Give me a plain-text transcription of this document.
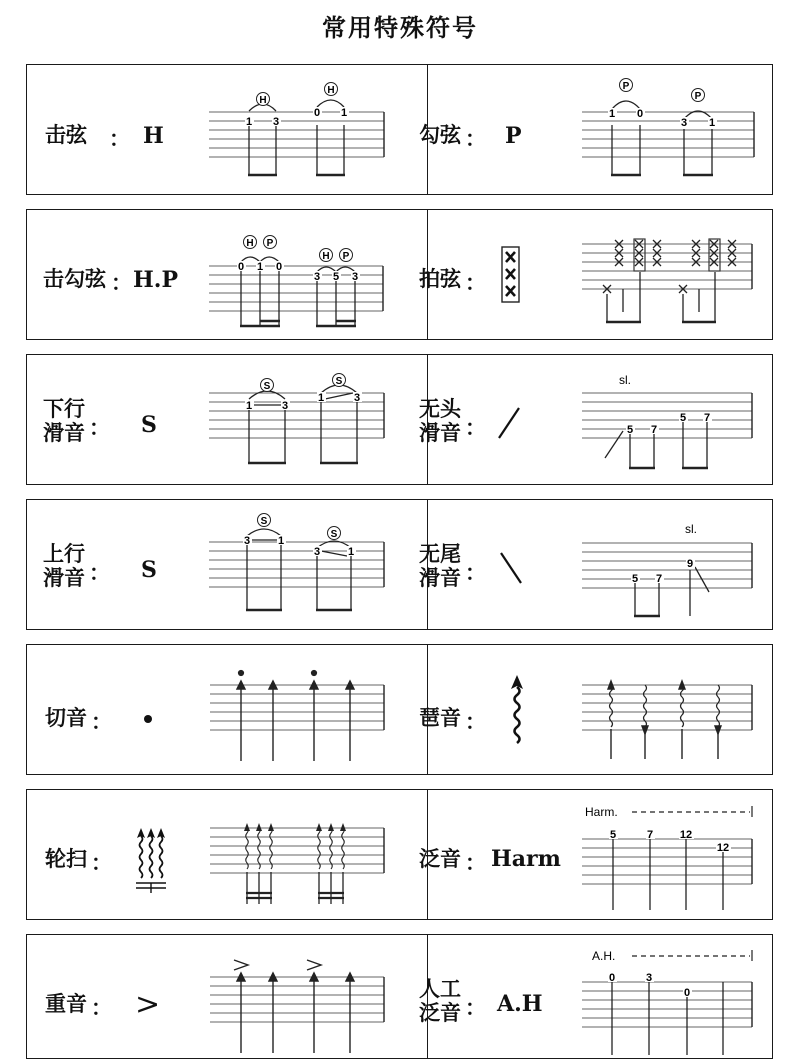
常用特殊符号
击弦 ： H
1 3
0 1
H
H
勾弦 ： P
1 0
3 1
P
P
击勾弦 ： H.P	0 1 0
3 5 3
H P
H P
拍弦 ：
下行
滑音 ： S
1	3
1	3
S	S
无头
滑音 ：
sl.
5 7
5 7
上行
滑音 ： S
3	1
3	1
S
S
无尾
滑音 ：
sl.
5 7
9
切音 ：	琶音 ：
轮扫 ：	泛音 ： Harm
Harm.
5	7 12
12
重音 ： >	人工
泛音 ： A.H
A.H.
0	3
0
